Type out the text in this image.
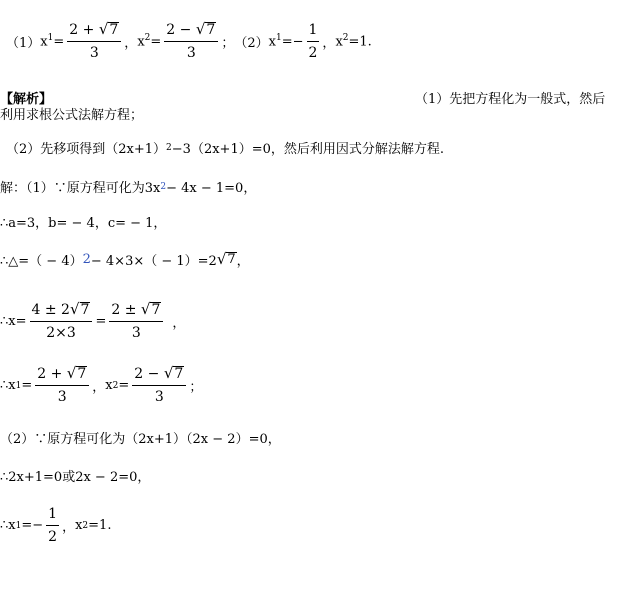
（1） $x^1= \frac{2 + √ 7}{3}$ ， $x^2= \frac{2 - √ 7}{3}$ ； （2） $x^1=- \frac{1}{2}$ ， $x^2=1$.
【解析】	（1）先把方程化为一般式，然后
利用求根公式法解方程；
（2）先移项得到（2x+1） 2 −3（2x+1）=0，然后利用因式分解法解方程.
解：（1）∵原方程可化为3x 2 − 4x − 1=0，
∴a=3，b= − 4，c= − 1，
∴△=（ − 4） 2 − 4×3×（ − 1）=2 √ 7 ，
∴x= $\frac{4 \pm 2 √ 7}{2\times 3} = \frac{2 \pm √ 7}{3}$ ，
∴x $1 = \frac{2 + √ 7}{3}$ ， x $2 = \frac{2 - √ 7}{3}$ ；
（2）∵原方程可化为（2x+1）（2x − 2）=0，
∴2x+1=0或2x − 2=0，
∴x $1 =- \frac{1}{2}$ ， x 2 =1.
